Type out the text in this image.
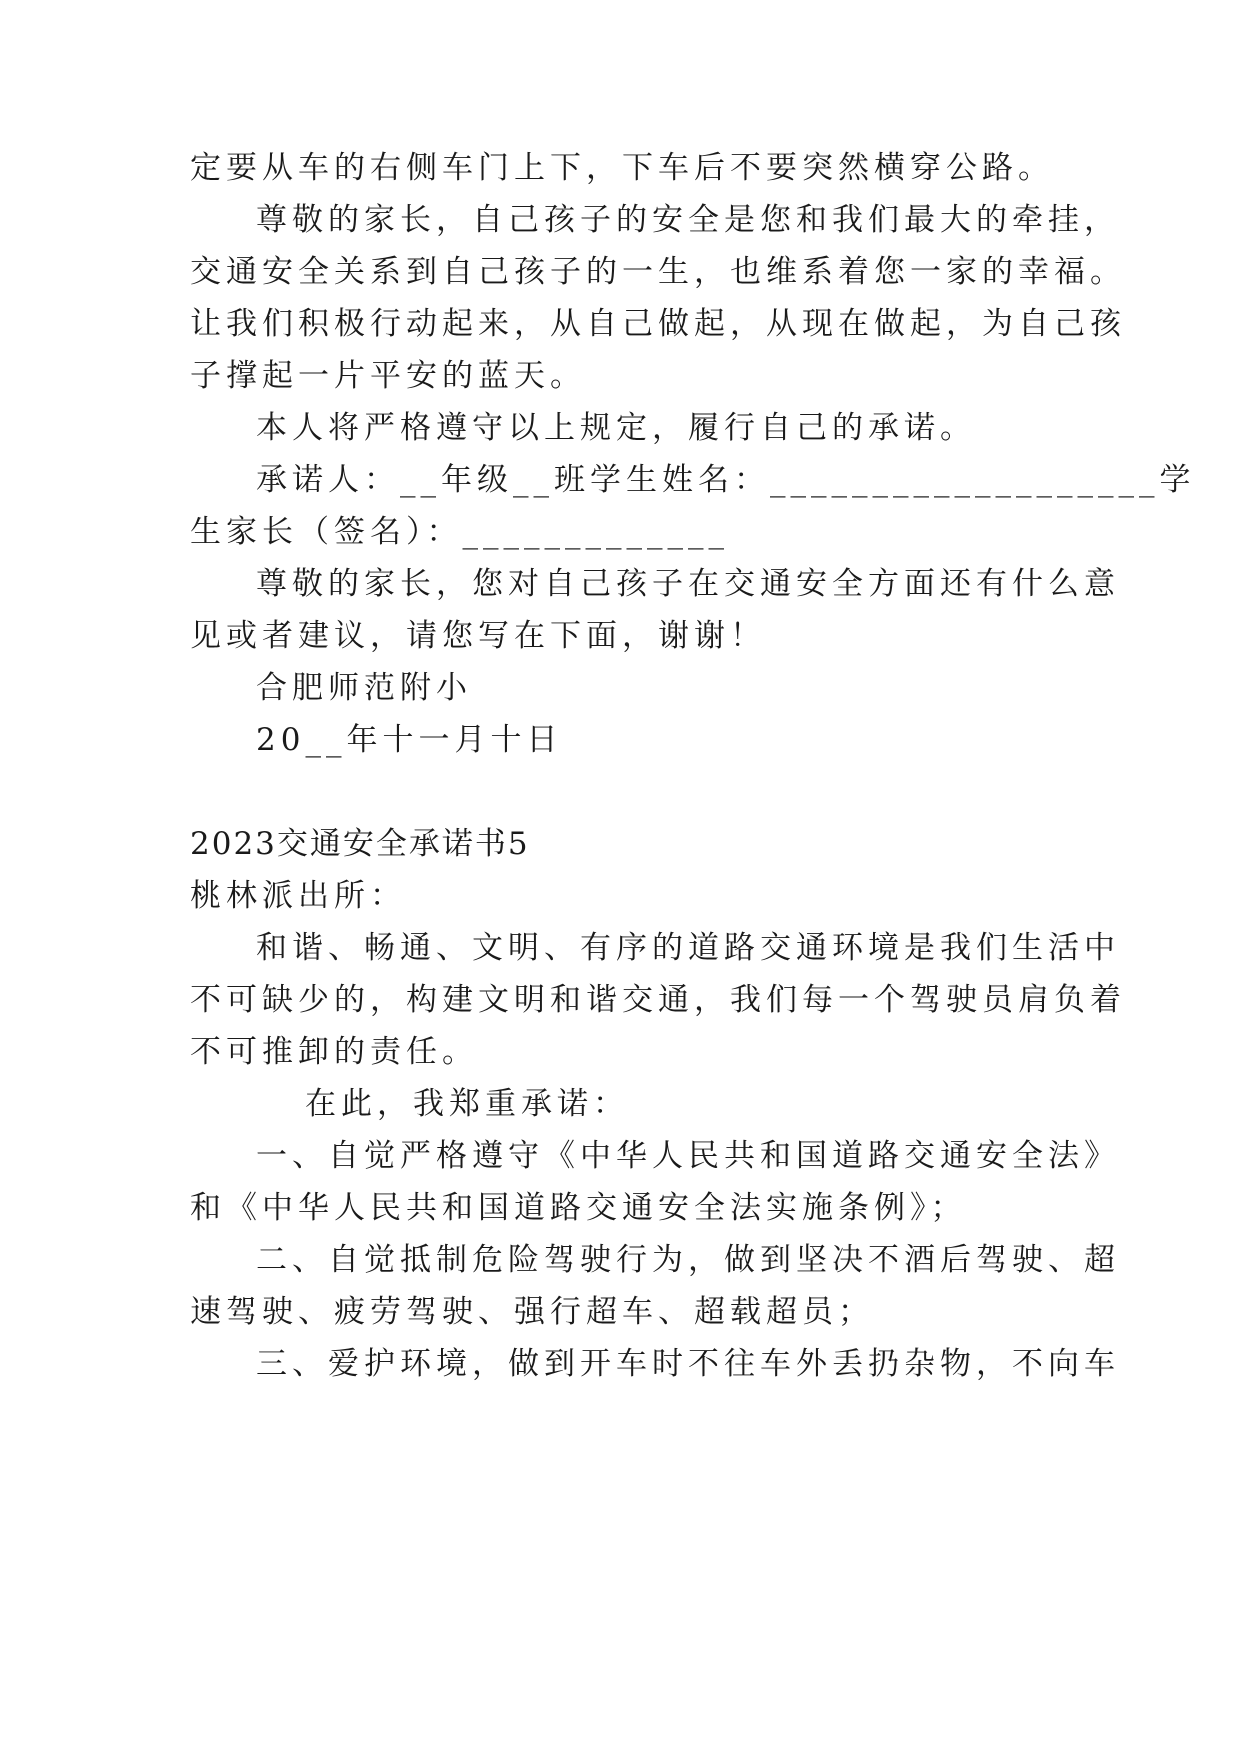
定要从车的右侧车门上下，下车后不要突然横穿公路。
尊敬的家长，自己孩子的安全是您和我们最大的牵挂，
交通安全关系到自己孩子的一生，也维系着您一家的幸福。
让我们积极行动起来，从自己做起，从现在做起，为自己孩
子撑起一片平安的蓝天。
本人将严格遵守以上规定，履行自己的承诺。
承诺人：__年级__班学生姓名：___________________学
生家长（签名）：_____________
尊敬的家长，您对自己孩子在交通安全方面还有什么意
见或者建议，请您写在下面，谢谢！
合肥师范附小
20__年十一月十日
2023交通安全承诺书5
桃林派出所：
和谐、畅通、文明、有序的道路交通环境是我们生活中
不可缺少的，构建文明和谐交通，我们每一个驾驶员肩负着
不可推卸的责任。
在此，我郑重承诺：
一、自觉严格遵守《中华人民共和国道路交通安全法》
和《中华人民共和国道路交通安全法实施条例》；
二、自觉抵制危险驾驶行为，做到坚决不酒后驾驶、超
速驾驶、疲劳驾驶、强行超车、超载超员；
三、爱护环境，做到开车时不往车外丢扔杂物，不向车
